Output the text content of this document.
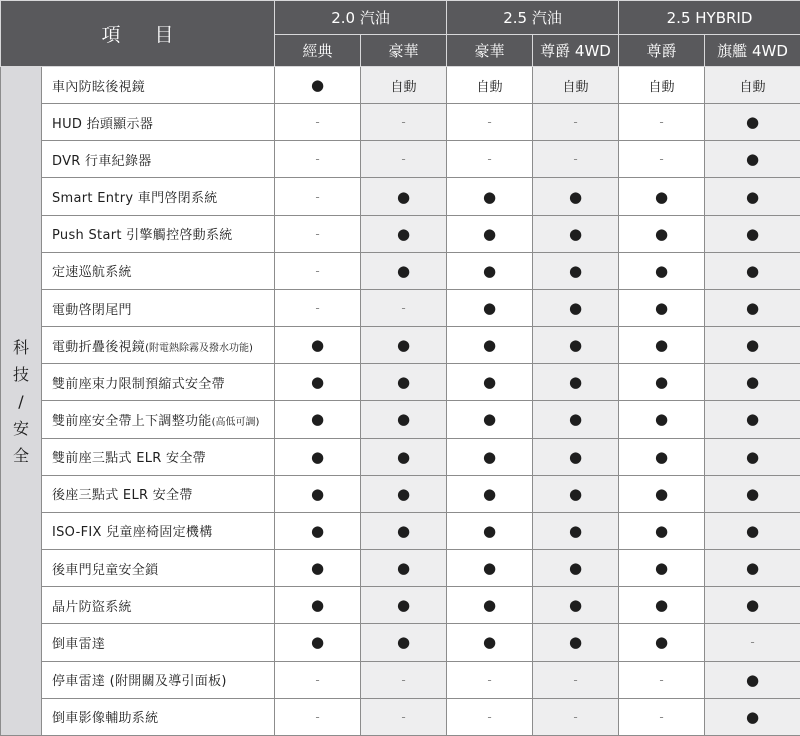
項目		2.0 汽油		2.5 汽油		2.5 HYBRID	
		經典	豪華	豪華	尊爵 4WD	尊爵	旗艦 4WD

科
技
/
安
全	車內防眩後視鏡	●	自動	自動	自動	自動	自動
	HUD 抬頭顯示器	-	-	-	-	-	●
	DVR 行車紀錄器	-	-	-	-	-	●
	Smart Entry 車門啓閉系統	-	●	●	●	●	●
	Push Start 引擎觸控啓動系統	-	●	●	●	●	●
	定速巡航系統	-	●	●	●	●	●
	電動啓閉尾門	-	-	●	●	●	●
	電動折疊後視鏡(附電熱除霧及撥水功能)	●	●	●	●	●	●
	雙前座束力限制預縮式安全帶	●	●	●	●	●	●
	雙前座安全帶上下調整功能(高低可調)	●	●	●	●	●	●
	雙前座三點式 ELR 安全帶	●	●	●	●	●	●
	後座三點式 ELR 安全帶	●	●	●	●	●	●
	ISO-FIX 兒童座椅固定機構	●	●	●	●	●	●
	後車門兒童安全鎖	●	●	●	●	●	●
	晶片防盜系統	●	●	●	●	●	●
	倒車雷達	●	●	●	●	●	-
	停車雷達 (附開關及導引面板)	-	-	-	-	-	●
	倒車影像輔助系統	-	-	-	-	-	●
